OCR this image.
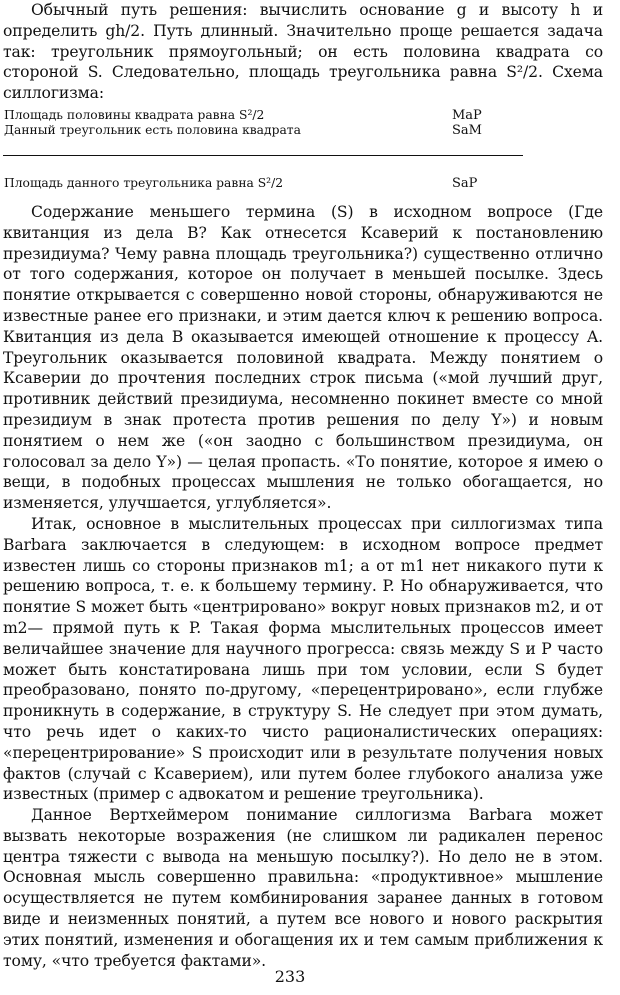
Обычный путь решения: вычислить основание g и высоту h и определить gh/2. Путь длинный. Значительно проще решается задача так: треугольник прямоугольный; он есть половина квадрата со стороной S. Следовательно, площадь треугольника равна S²/2. Схема силлогизма:

Площадь половины квадрата равна S²/2	MaP
Данный треугольник есть половина квадрата	SaM
Площадь данного треугольника равна S²/2	SaP

Содержание меньшего термина (S) в исходном вопросе (Где квитанция из дела B? Как отнесется Ксаверий к постановлению президиума? Чему равна площадь треугольника?) существенно отлично от того содержания, которое он получает в меньшей посылке. Здесь понятие открывается с совершенно новой стороны, обнаруживаются не известные ранее его признаки, и этим дается ключ к решению вопроса. Квитанция из дела B оказывается имеющей отношение к процессу A. Треугольник оказывается половиной квадрата. Между понятием о Ксаверии до прочтения последних строк письма («мой лучший друг, противник действий президиума, несомненно покинет вместе со мной президиум в знак протеста против решения по делу Y») и новым понятием о нем же («он заодно с большинством президиума, он голосовал за дело Y») — целая пропасть. «То понятие, которое я имею о вещи, в подобных процессах мышления не только обогащается, но изменяется, улучшается, углубляется».

Итак, основное в мыслительных процессах при силлогизмах типа Barbara заключается в следующем: в исходном вопросе предмет известен лишь со стороны признаков m1; а от m1 нет никакого пути к решению вопроса, т. е. к большему термину. P. Но обнаруживается, что понятие S может быть «центрировано» вокруг новых признаков m2, и от m2— прямой путь к P. Такая форма мыслительных процессов имеет величайшее значение для научного прогресса: связь между S и P часто может быть констатирована лишь при том условии, если S будет преобразовано, понято по-другому, «перецентрировано», если глубже проникнуть в содержание, в структуру S. Не следует при этом думать, что речь идет о каких-то чисто рационалистических операциях: «перецентрирование» S происходит или в результате получения новых фактов (случай с Ксаверием), или путем более глубокого анализа уже известных (пример с адвокатом и решение треугольника).

Данное Вертхеймером понимание силлогизма Barbara может вызвать некоторые возражения (не слишком ли радикален перенос центра тяжести с вывода на меньшую посылку?). Но дело не в этом. Основная мысль совершенно правильна: «продуктивное» мышление осуществляется не путем комбинирования заранее данных в готовом виде и неизменных понятий, а путем все нового и нового раскрытия этих понятий, изменения и обогащения их и тем самым приближения к тому, «что требуется фактами».

233
